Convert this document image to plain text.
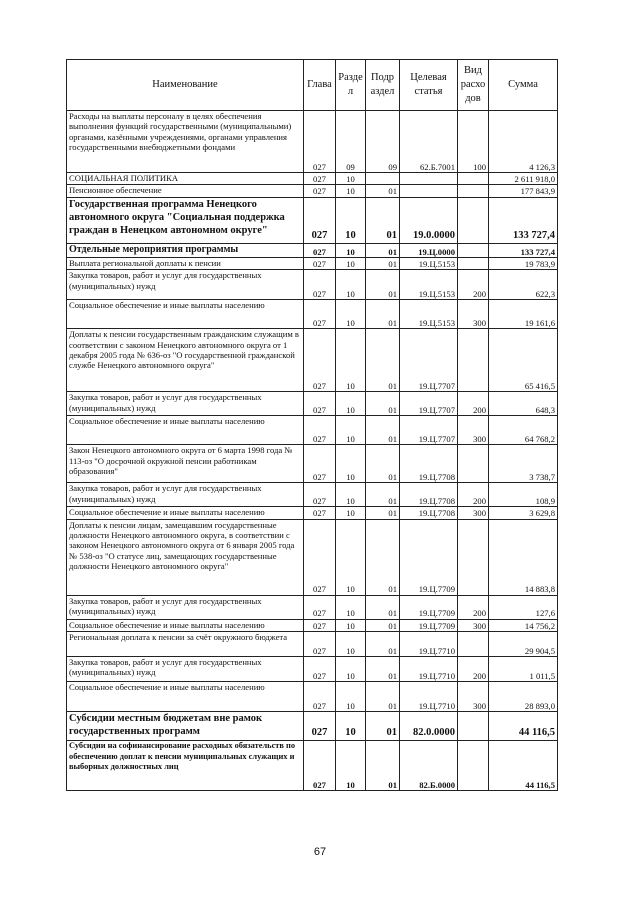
Наименование	Глава	Разде л	Подр аздел	Целевая статья	Вид расхо дов	Сумма
Расходы на выплаты персоналу в целях обеспечения выполнения функций государственными (муниципальными) органами, казёнными учреждениями, органами управления государственными внебюджетными фондами	027	09	09	62.Б.7001	100	4 126,3
СОЦИАЛЬНАЯ ПОЛИТИКА	027	10				2 611 918,0
Пенсионное обеспечение	027	10	01			177 843,9
Государственная программа Ненецкого автономного округа "Социальная поддержка граждан в Ненецком автономном округе"	027	10	01	19.0.0000		133 727,4
Отдельные мероприятия программы	027	10	01	19.Ц.0000		133 727,4
Выплата региональной доплаты к пенсии	027	10	01	19.Ц.5153		19 783,9
Закупка товаров, работ и услуг для государственных (муниципальных) нужд	027	10	01	19.Ц.5153	200	622,3
Социальное обеспечение и иные выплаты населению	027	10	01	19.Ц.5153	300	19 161,6
Доплаты к пенсии государственным гражданским служащим в соответствии с законом Ненецкого автономного округа от 1 декабря 2005 года № 636-оз "О государственной гражданской службе Ненецкого автономного округа"	027	10	01	19.Ц.7707		65 416,5
Закупка товаров, работ и услуг для государственных (муниципальных) нужд	027	10	01	19.Ц.7707	200	648,3
Социальное обеспечение и иные выплаты населению	027	10	01	19.Ц.7707	300	64 768,2
Закон Ненецкого автономного округа от 6 марта 1998 года № 113-оз "О досрочной окружной пенсии работникам образования"	027	10	01	19.Ц.7708		3 738,7
Закупка товаров, работ и услуг для государственных (муниципальных) нужд	027	10	01	19.Ц.7708	200	108,9
Социальное обеспечение и иные выплаты населению	027	10	01	19.Ц.7708	300	3 629,8
Доплаты к пенсии лицам, замещавшим государственные должности Ненецкого автономного округа, в соответствии с законом Ненецкого автономного округа от 6 января 2005 года № 538-оз "О статусе лиц, замещающих государственные должности Ненецкого автономного округа"	027	10	01	19.Ц.7709		14 883,8
Закупка товаров, работ и услуг для государственных (муниципальных) нужд	027	10	01	19.Ц.7709	200	127,6
Социальное обеспечение и иные выплаты населению	027	10	01	19.Ц.7709	300	14 756,2
Региональная доплата к пенсии за счёт окружного бюджета	027	10	01	19.Ц.7710		29 904,5
Закупка товаров, работ и услуг для государственных (муниципальных) нужд	027	10	01	19.Ц.7710	200	1 011,5
Социальное обеспечение и иные выплаты населению	027	10	01	19.Ц.7710	300	28 893,0
Субсидии местным бюджетам вне рамок государственных программ	027	10	01	82.0.0000		44 116,5
Субсидии на софинансирование расходных обязательств по обеспечению доплат к пенсии муниципальных служащих и выборных должностных лиц	027	10	01	82.Б.0000		44 116,5
67
